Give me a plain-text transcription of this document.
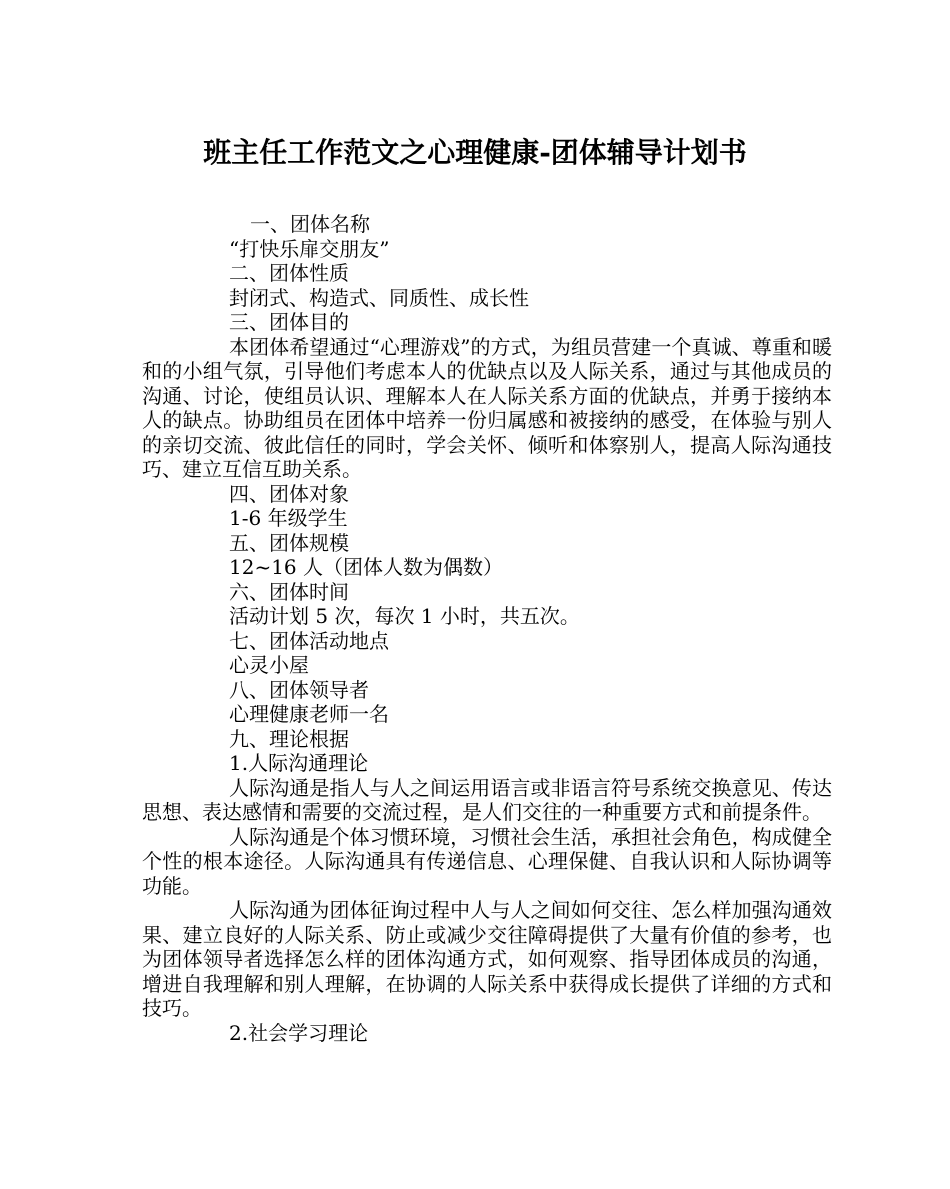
班主任工作范文之心理健康-团体辅导计划书

一、团体名称

“打快乐扉交朋友”

二、团体性质

封闭式、构造式、同质性、成长性

三、团体目的

本团体希望通过“心理游戏”的方式，为组员营建一个真诚、尊重和暖和的小组气氛，引导他们考虑本人的优缺点以及人际关系，通过与其他成员的沟通、讨论，使组员认识、理解本人在人际关系方面的优缺点，并勇于接纳本人的缺点。协助组员在团体中培养一份归属感和被接纳的感受，在体验与别人的亲切交流、彼此信任的同时，学会关怀、倾听和体察别人，提高人际沟通技巧、建立互信互助关系。

四、团体对象

1-6 年级学生

五、团体规模

12~16 人（团体人数为偶数）

六、团体时间

活动计划 5 次，每次 1 小时，共五次。

七、团体活动地点

心灵小屋

八、团体领导者

心理健康老师一名

九、理论根据

1.人际沟通理论

人际沟通是指人与人之间运用语言或非语言符号系统交换意见、传达思想、表达感情和需要的交流过程，是人们交往的一种重要方式和前提条件。

人际沟通是个体习惯环境，习惯社会生活，承担社会角色，构成健全个性的根本途径。人际沟通具有传递信息、心理保健、自我认识和人际协调等功能。

人际沟通为团体征询过程中人与人之间如何交往、怎么样加强沟通效果、建立良好的人际关系、防止或减少交往障碍提供了大量有价值的参考，也为团体领导者选择怎么样的团体沟通方式，如何观察、指导团体成员的沟通，增进自我理解和别人理解，在协调的人际关系中获得成长提供了详细的方式和技巧。

2.社会学习理论
